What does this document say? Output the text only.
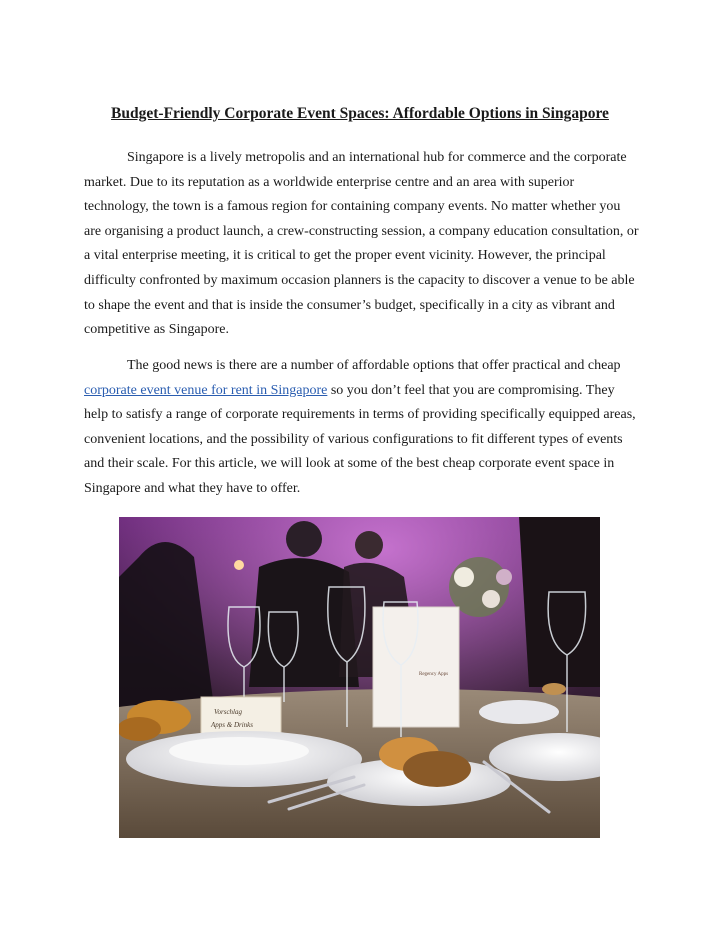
Budget-Friendly Corporate Event Spaces: Affordable Options in Singapore

Singapore is a lively metropolis and an international hub for commerce and the corporate market. Due to its reputation as a worldwide enterprise centre and an area with superior technology, the town is a famous region for containing company events. No matter whether you are organising a product launch, a crew-constructing session, a company education consultation, or a vital enterprise meeting, it is critical to get the proper event vicinity. However, the principal difficulty confronted by maximum occasion planners is the capacity to discover a venue to be able to shape the event and that is inside the consumer’s budget, specifically in a city as vibrant and competitive as Singapore.

The good news is there are a number of affordable options that offer practical and cheap corporate event venue for rent in Singapore so you don’t feel that you are compromising. They help to satisfy a range of corporate requirements in terms of providing specifically equipped areas, convenient locations, and the possibility of various configurations to fit different types of events and their scale. For this article, we will look at some of the best cheap corporate event space in Singapore and what they have to offer.

Regency Apps
Vorschlag
Apps & Drinks
